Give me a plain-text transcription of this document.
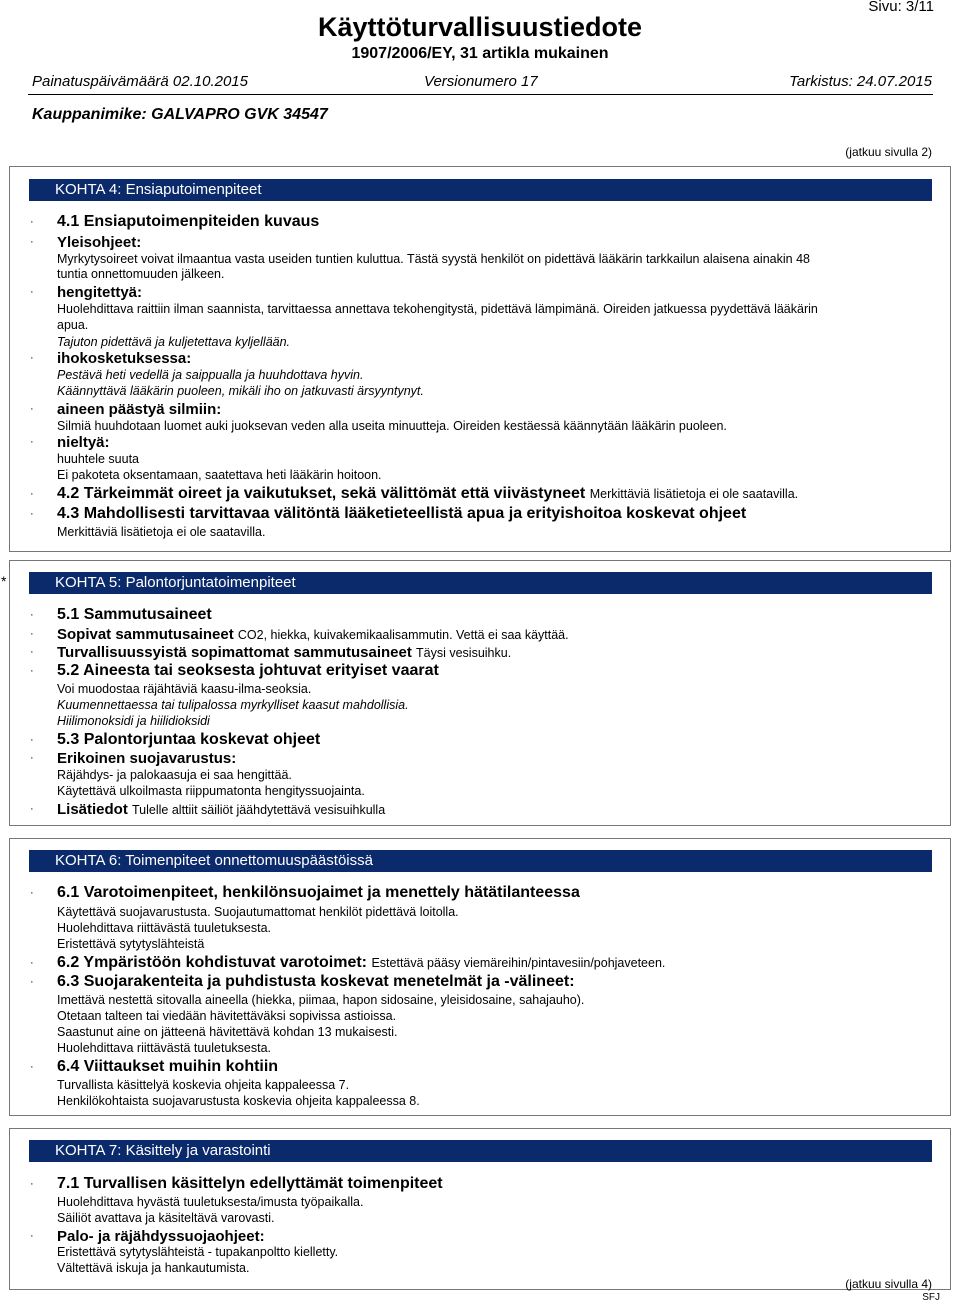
Sivu: 3/11
Käyttöturvallisuustiedote
1907/2006/EY, 31 artikla mukainen
Painatuspäivämäärä 02.10.2015	Versionumero 17	Tarkistus: 24.07.2015
Kauppanimike: GALVAPRO GVK 34547
(jatkuu sivulla 2)
KOHTA 4: Ensiaputoimenpiteet
· 4.1 Ensiaputoimenpiteiden kuvaus
· Yleisohjeet:
Myrkytysoireet voivat ilmaantua vasta useiden tuntien kuluttua. Tästä syystä henkilöt on pidettävä lääkärin tarkkailun alaisena ainakin 48
tuntia onnettomuuden jälkeen.
· hengitettyä:
Huolehdittava raittiin ilman saannista, tarvittaessa annettava tekohengitystä, pidettävä lämpimänä. Oireiden jatkuessa pyydettävä lääkärin
apua.
Tajuton pidettävä ja kuljetettava kyljellään.
· ihokosketuksessa:
Pestävä heti vedellä ja saippualla ja huuhdottava hyvin.
Käännyttävä lääkärin puoleen, mikäli iho on jatkuvasti ärsyyntynyt.
· aineen päästyä silmiin:
Silmiä huuhdotaan luomet auki juoksevan veden alla useita minuutteja. Oireiden kestäessä käännytään lääkärin puoleen.
· nieltyä:
huuhtele suuta
Ei pakoteta oksentamaan, saatettava heti lääkärin hoitoon.
· 4.2 Tärkeimmät oireet ja vaikutukset, sekä välittömät että viivästyneet Merkittäviä lisätietoja ei ole saatavilla.
· 4.3 Mahdollisesti tarvittavaa välitöntä lääketieteellistä apua ja erityishoitoa koskevat ohjeet
Merkittäviä lisätietoja ei ole saatavilla.
*	KOHTA 5: Palontorjuntatoimenpiteet
· 5.1 Sammutusaineet
· Sopivat sammutusaineet CO2, hiekka, kuivakemikaalisammutin. Vettä ei saa käyttää.
· Turvallisuussyistä sopimattomat sammutusaineet Täysi vesisuihku.
· 5.2 Aineesta tai seoksesta johtuvat erityiset vaarat
Voi muodostaa räjähtäviä kaasu-ilma-seoksia.
Kuumennettaessa tai tulipalossa myrkylliset kaasut mahdollisia.
Hiilimonoksidi ja hiilidioksidi
· 5.3 Palontorjuntaa koskevat ohjeet
· Erikoinen suojavarustus:
Räjähdys- ja palokaasuja ei saa hengittää.
Käytettävä ulkoilmasta riippumatonta hengityssuojainta.
· Lisätiedot Tulelle alttiit säiliöt jäähdytettävä vesisuihkulla
KOHTA 6: Toimenpiteet onnettomuuspäästöissä
· 6.1 Varotoimenpiteet, henkilönsuojaimet ja menettely hätätilanteessa
Käytettävä suojavarustusta. Suojautumattomat henkilöt pidettävä loitolla.
Huolehdittava riittävästä tuuletuksesta.
Eristettävä sytytyslähteistä
· 6.2 Ympäristöön kohdistuvat varotoimet: Estettävä pääsy viemäreihin/pintavesiin/pohjaveteen.
· 6.3 Suojarakenteita ja puhdistusta koskevat menetelmät ja -välineet:
Imettävä nestettä sitovalla aineella (hiekka, piimaa, hapon sidosaine, yleisidosaine, sahajauho).
Otetaan talteen tai viedään hävitettäväksi sopivissa astioissa.
Saastunut aine on jätteenä hävitettävä kohdan 13 mukaisesti.
Huolehdittava riittävästä tuuletuksesta.
· 6.4 Viittaukset muihin kohtiin
Turvallista käsittelyä koskevia ohjeita kappaleessa 7.
Henkilökohtaista suojavarustusta koskevia ohjeita kappaleessa 8.
KOHTA 7: Käsittely ja varastointi
· 7.1 Turvallisen käsittelyn edellyttämät toimenpiteet
Huolehdittava hyvästä tuuletuksesta/imusta työpaikalla.
Säiliöt avattava ja käsiteltävä varovasti.
· Palo- ja räjähdyssuojaohjeet:
Eristettävä sytytyslähteistä - tupakanpoltto kielletty.
Vältettävä iskuja ja hankautumista.
(jatkuu sivulla 4)
SFJ
